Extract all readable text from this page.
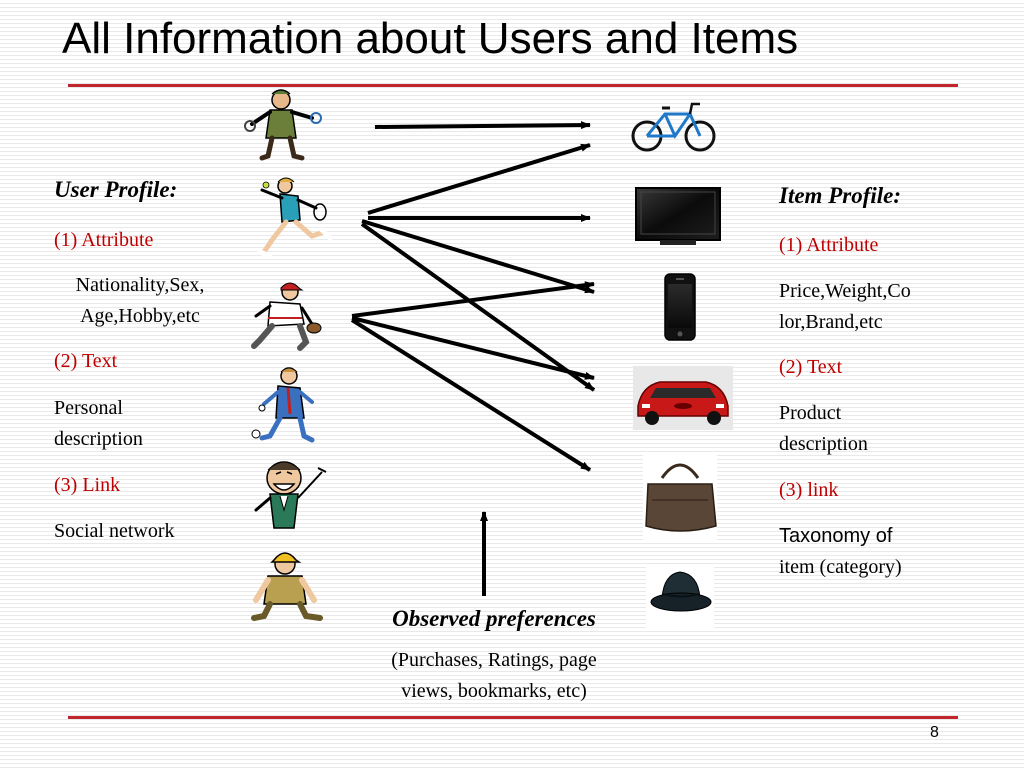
All Information about Users and Items
User Profile:
(1) Attribute
Nationality,Sex,
Age,Hobby,etc
(2) Text
Personal
description
(3) Link
Social network
Item Profile:
(1) Attribute
Price,Weight,Co
lor,Brand,etc
(2) Text
Product
description
(3) link
Taxonomy of
item (category)
Observed preferences
(Purchases, Ratings, page
views, bookmarks, etc)
8
